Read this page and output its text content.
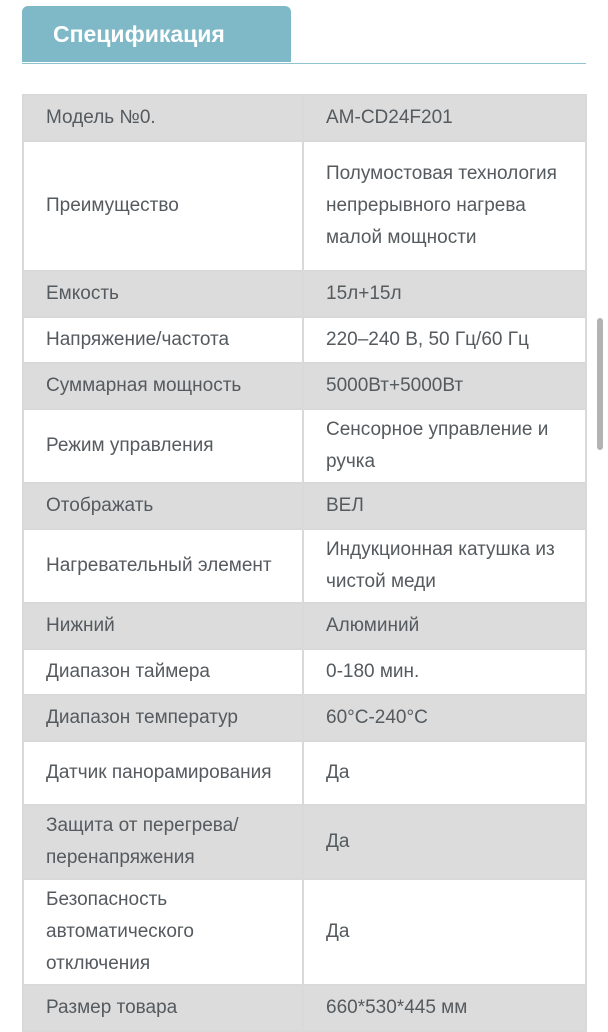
Спецификация
Модель №0.	AM-CD24F201
Преимущество	Полумостовая технология непрерывного нагрева малой мощности
Емкость	15л+15л
Напряжение/частота	220–240 В, 50 Гц/60 Гц
Суммарная мощность	5000Вт+5000Вт
Режим управления	Сенсорное управление и ручка
Отображать	ВЕЛ
Нагревательный элемент	Индукционная катушка из чистой меди
Нижний	Алюминий
Диапазон таймера	0-180 мин.
Диапазон температур	60°C-240°C
Датчик панорамирования	Да
Защита от перегрева/ перенапряжения	Да
Безопасность автоматического отключения	Да
Размер товара	660*530*445 мм
